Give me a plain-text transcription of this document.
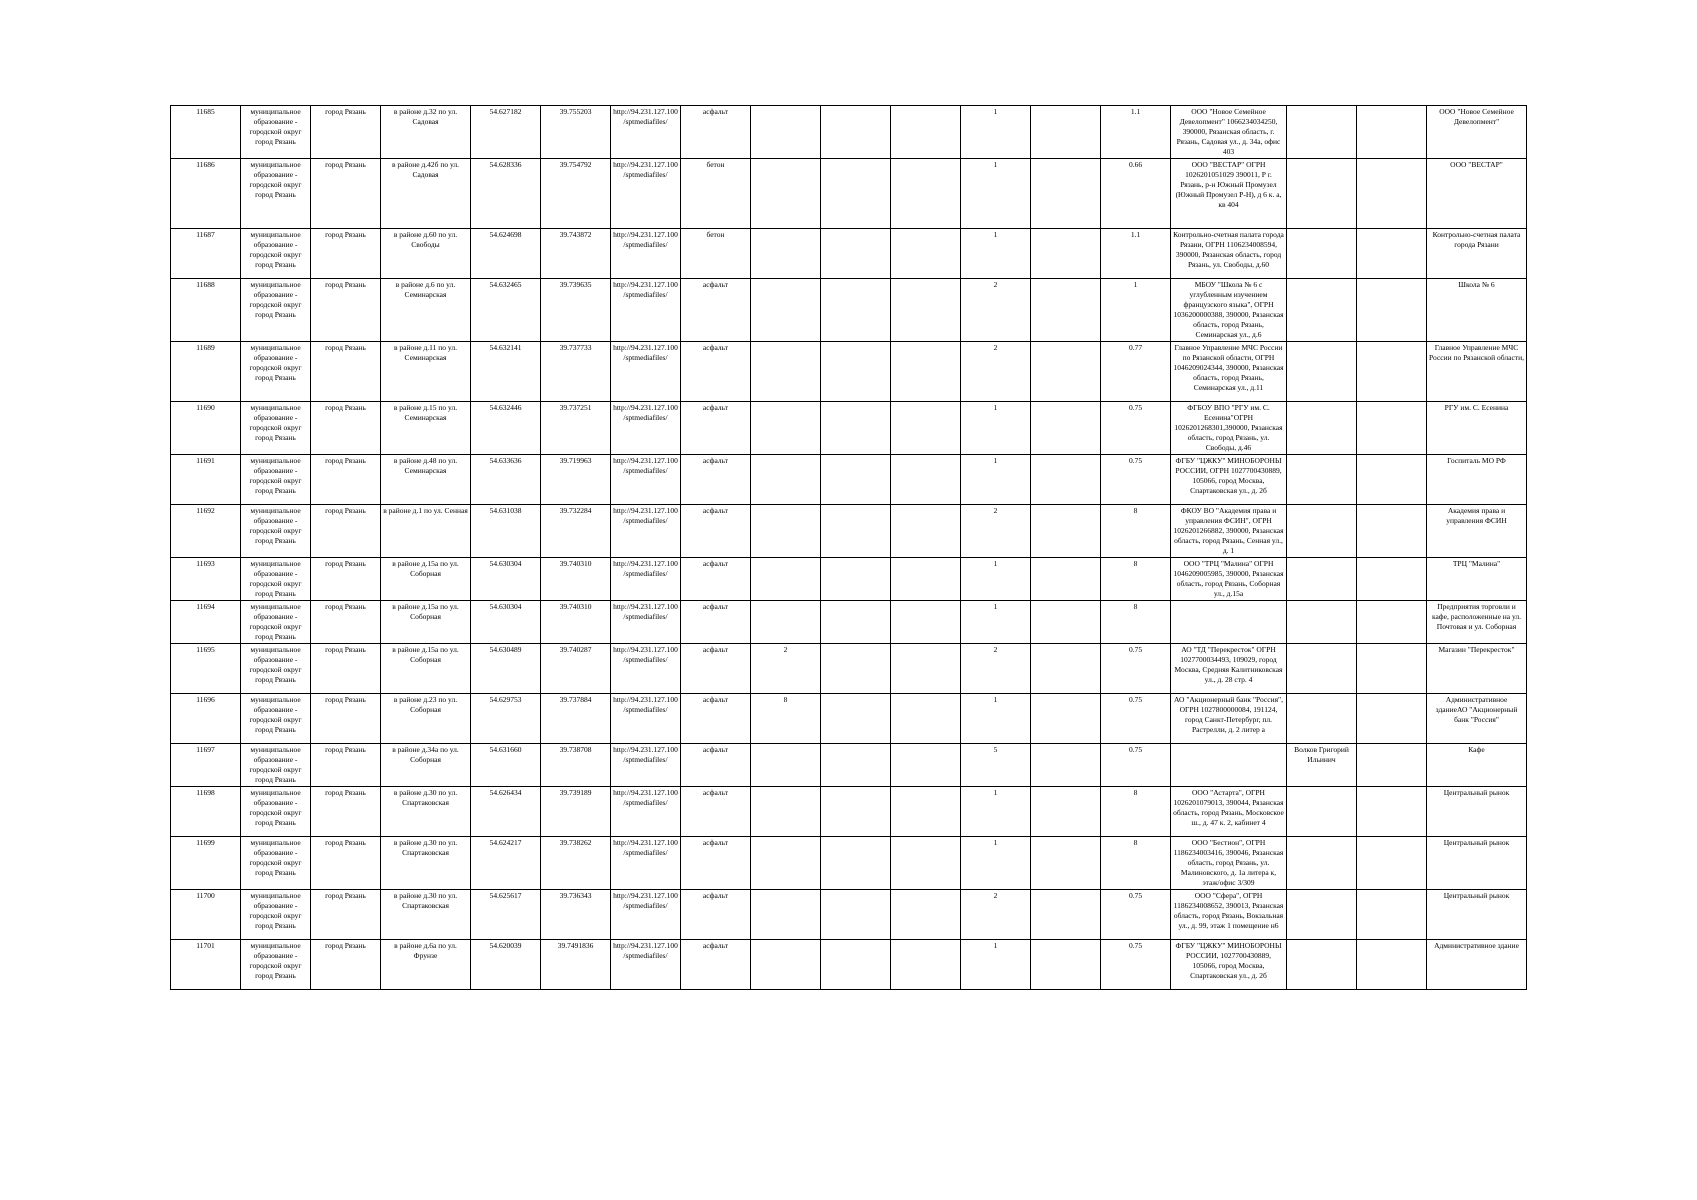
11685	муниципальное образование - городской округ город Рязань	город Рязань	в районе д.32 по ул. Садовая	54.627182	39.755203	http://94.231.127.100/sptmediafiles/	асфальт				1		1.1	ООО "Новое Семейное Девелопмент" 1066234034250, 390000, Рязанская область, г. Рязань, Садовая ул., д. 34а, офис 403			ООО "Новое Семейное Девелопмент"
11686	муниципальное образование - городской округ город Рязань	город Рязань	в районе д.42б по ул. Садовая	54.628336	39.754792	http://94.231.127.100/sptmediafiles/	бетон				1		0.66	ООО "ВЕСТАР" ОГРН 1026201051029 390011, Р г. Рязань, р-н Южный Промузел (Южный Промузел Р-Н), д 6 к. а, кв 404			ООО "ВЕСТАР"
11687	муниципальное образование - городской округ город Рязань	город Рязань	в районе д.60 по ул. Свободы	54.624698	39.743872	http://94.231.127.100/sptmediafiles/	бетон				1		1.1	Контрольно-счетная палата города Рязани, ОГРН 1106234008594, 390000, Рязанская область, город Рязань, ул. Свободы, д.60			Контрольно-счетная палата города Рязани
11688	муниципальное образование - городской округ город Рязань	город Рязань	в районе д.6 по ул. Семинарская	54.632465	39.739635	http://94.231.127.100/sptmediafiles/	асфальт				2		1	МБОУ "Школа № 6 с углубленным изучением французского языка", ОГРН 1036200000388, 390000, Рязанская область, город Рязань, Семинарская ул., д.6			Школа № 6
11689	муниципальное образование - городской округ город Рязань	город Рязань	в районе д.11 по ул. Семинарская	54.632141	39.737733	http://94.231.127.100/sptmediafiles/	асфальт				2		0.77	Главное Управление МЧС России по Рязанской области, ОГРН 1046209024344, 390000, Рязанская область, город Рязань, Семинарская ул., д.11			Главное Управление МЧС России по Рязанской области,
11690	муниципальное образование - городской округ город Рязань	город Рязань	в районе д.15 по ул. Семинарская	54.632446	39.737251	http://94.231.127.100/sptmediafiles/	асфальт				1		0.75	ФГБОУ ВПО "РГУ им. С. Есенина"ОГРН 1026201268301,390000, Рязанская область, город Рязань, ул. Свободы, д.46			РГУ им. С. Есенина
11691	муниципальное образование - городской округ город Рязань	город Рязань	в районе д.48 по ул. Семинарская	54.633636	39.719963	http://94.231.127.100/sptmediafiles/	асфальт				1		0.75	ФГБУ "ЦЖКУ" МИНОБОРОНЫ РОССИИ, ОГРН 1027700430889, 105066, город Москва, Спартаковская ул., д. 2б			Госпиталь МО РФ
11692	муниципальное образование - городской округ город Рязань	город Рязань	в районе д.1 по ул. Сенная	54.631038	39.732284	http://94.231.127.100/sptmediafiles/	асфальт				2		8	ФКОУ ВО "Академия права и управления ФСИН", ОГРН 1026201266882, 390000, Рязанская область, город Рязань, Сенная ул., д. 1			Академия права и управления ФСИН
11693	муниципальное образование - городской округ город Рязань	город Рязань	в районе д.15а по ул. Соборная	54.630304	39.740310	http://94.231.127.100/sptmediafiles/	асфальт				1		8	ООО "ТРЦ "Малина" ОГРН 1046209005985, 390000, Рязанская область, город Рязань, Соборная ул., д.15а			ТРЦ "Малина"
11694	муниципальное образование - городской округ город Рязань	город Рязань	в районе д.15а по ул. Соборная	54.630304	39.740310	http://94.231.127.100/sptmediafiles/	асфальт				1		8				Предприятия торговли и кафе, расположенные на ул. Почтовая и ул. Соборная
11695	муниципальное образование - городской округ город Рязань	город Рязань	в районе д.15а по ул. Соборная	54.630489	39.740287	http://94.231.127.100/sptmediafiles/	асфальт	2			2		0.75	АО "ТД "Перекресток" ОГРН 1027700034493, 109029, город Москва, Средняя Калитниковская ул., д. 28 стр. 4			Магазин "Перекресток"
11696	муниципальное образование - городской округ город Рязань	город Рязань	в районе д.23 по ул. Соборная	54.629753	39.737884	http://94.231.127.100/sptmediafiles/	асфальт	8			1		0.75	АО "Акционерный банк "Россия", ОГРН 1027800000084, 191124, город Санкт-Петербург, пл. Растрелли, д. 2 литер а			Административное зданиеАО "Акционерный банк "Россия"
11697	муниципальное образование - городской округ город Рязань	город Рязань	в районе д.34а по ул. Соборная	54.631660	39.738708	http://94.231.127.100/sptmediafiles/	асфальт				5		0.75		Волков Григорий Ильинич		Кафе
11698	муниципальное образование - городской округ город Рязань	город Рязань	в районе д.30 по ул. Спартаковская	54.626434	39.739189	http://94.231.127.100/sptmediafiles/	асфальт				1		8	ООО "Астарта", ОГРН 1026201079013, 390044, Рязанская область, город Рязань, Московское ш., д. 47 к. 2, кабинет 4			Центральный рынок
11699	муниципальное образование - городской округ город Рязань	город Рязань	в районе д.30 по ул. Спартаковская	54.624217	39.738262	http://94.231.127.100/sptmediafiles/	асфальт				1		8	ООО "Бестион", ОГРН 1186234003416, 390046, Рязанская область, город Рязань, ул. Малиновского, д. 1а литера к, этаж/офис 3/309			Центральный рынок
11700	муниципальное образование - городской округ город Рязань	город Рязань	в районе д.30 по ул. Спартаковская	54.625617	39.736343	http://94.231.127.100/sptmediafiles/	асфальт				2		0.75	ООО "Сфера", ОГРН 1186234008652, 390013, Рязанская область, город Рязань, Вокзальная ул., д. 99, этаж 1 помещение н6			Центральный рынок
11701	муниципальное образование - городской округ город Рязань	город Рязань	в районе д.6а по ул. Фрунзе	54.620039	39.7491836	http://94.231.127.100/sptmediafiles/	асфальт				1		0.75	ФГБУ "ЦЖКУ" МИНОБОРОНЫ РОССИИ, 1027700430889, 105066, город Москва, Спартаковская ул., д. 2б			Административное здание
